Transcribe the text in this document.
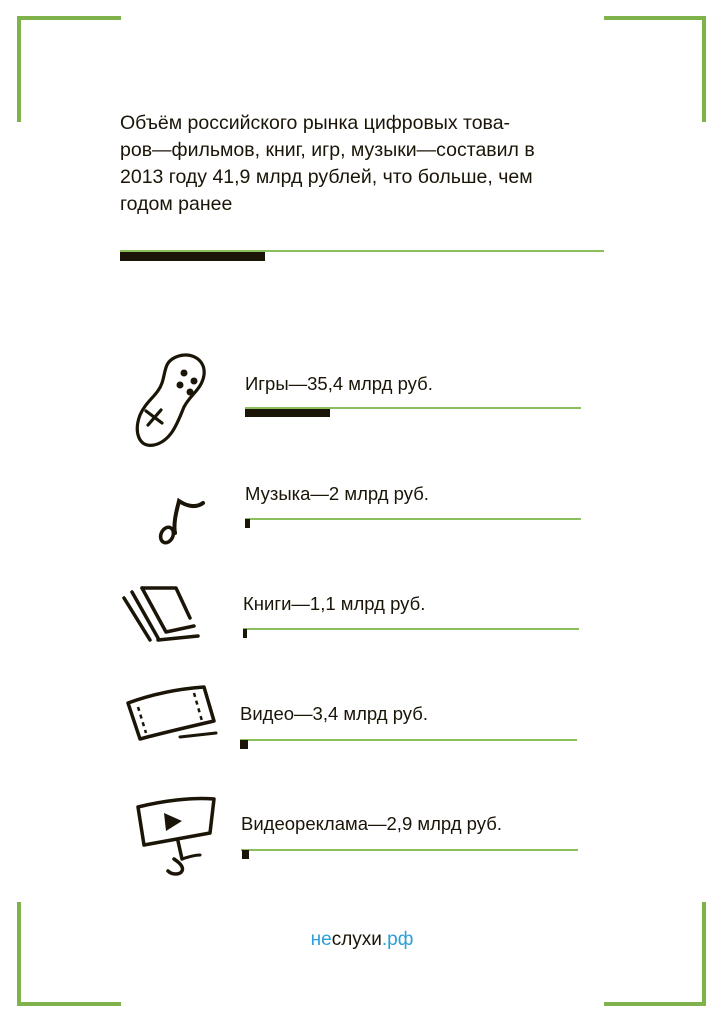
Объём российского рынка цифровых това-
ров—фильмов, книг, игр, музыки—составил в
2013 году 41,9 млрд рублей, что больше, чем
годом ранее
Игры—35,4 млрд руб.
Музыка—2 млрд руб.
Книги—1,1 млрд руб.
Видео—3,4 млрд руб.
Видеореклама—2,9 млрд руб.
неслухи.рф
